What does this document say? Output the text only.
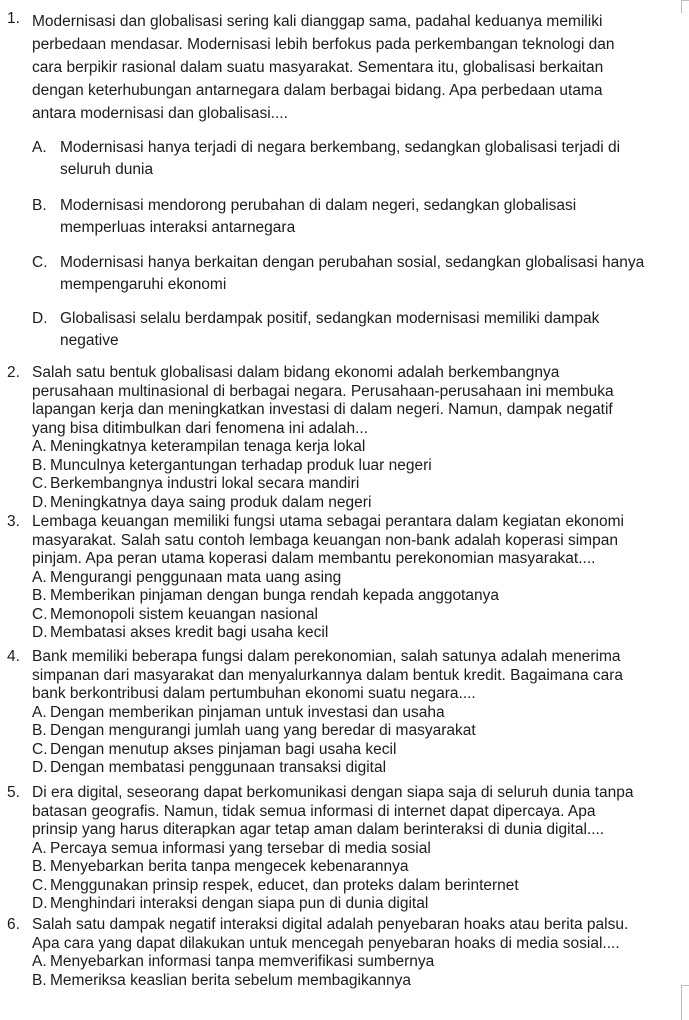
1. Modernisasi dan globalisasi sering kali dianggap sama, padahal keduanya memiliki
perbedaan mendasar. Modernisasi lebih berfokus pada perkembangan teknologi dan
cara berpikir rasional dalam suatu masyarakat. Sementara itu, globalisasi berkaitan
dengan keterhubungan antarnegara dalam berbagai bidang. Apa perbedaan utama
antara modernisasi dan globalisasi....
A. Modernisasi hanya terjadi di negara berkembang, sedangkan globalisasi terjadi di
seluruh dunia
B. Modernisasi mendorong perubahan di dalam negeri, sedangkan globalisasi
memperluas interaksi antarnegara
C. Modernisasi hanya berkaitan dengan perubahan sosial, sedangkan globalisasi hanya
mempengaruhi ekonomi
D. Globalisasi selalu berdampak positif, sedangkan modernisasi memiliki dampak
negative
2. Salah satu bentuk globalisasi dalam bidang ekonomi adalah berkembangnya
perusahaan multinasional di berbagai negara. Perusahaan-perusahaan ini membuka
lapangan kerja dan meningkatkan investasi di dalam negeri. Namun, dampak negatif
yang bisa ditimbulkan dari fenomena ini adalah...
A. Meningkatnya keterampilan tenaga kerja lokal
B. Munculnya ketergantungan terhadap produk luar negeri
C. Berkembangnya industri lokal secara mandiri
D. Meningkatnya daya saing produk dalam negeri
3. Lembaga keuangan memiliki fungsi utama sebagai perantara dalam kegiatan ekonomi
masyarakat. Salah satu contoh lembaga keuangan non-bank adalah koperasi simpan
pinjam. Apa peran utama koperasi dalam membantu perekonomian masyarakat....
A. Mengurangi penggunaan mata uang asing
B. Memberikan pinjaman dengan bunga rendah kepada anggotanya
C. Memonopoli sistem keuangan nasional
D. Membatasi akses kredit bagi usaha kecil
4. Bank memiliki beberapa fungsi dalam perekonomian, salah satunya adalah menerima
simpanan dari masyarakat dan menyalurkannya dalam bentuk kredit. Bagaimana cara
bank berkontribusi dalam pertumbuhan ekonomi suatu negara....
A. Dengan memberikan pinjaman untuk investasi dan usaha
B. Dengan mengurangi jumlah uang yang beredar di masyarakat
C. Dengan menutup akses pinjaman bagi usaha kecil
D. Dengan membatasi penggunaan transaksi digital
5. Di era digital, seseorang dapat berkomunikasi dengan siapa saja di seluruh dunia tanpa
batasan geografis. Namun, tidak semua informasi di internet dapat dipercaya. Apa
prinsip yang harus diterapkan agar tetap aman dalam berinteraksi di dunia digital....
A. Percaya semua informasi yang tersebar di media sosial
B. Menyebarkan berita tanpa mengecek kebenarannya
C. Menggunakan prinsip respek, educet, dan proteks dalam berinternet
D. Menghindari interaksi dengan siapa pun di dunia digital
6. Salah satu dampak negatif interaksi digital adalah penyebaran hoaks atau berita palsu.
Apa cara yang dapat dilakukan untuk mencegah penyebaran hoaks di media sosial....
A. Menyebarkan informasi tanpa memverifikasi sumbernya
B. Memeriksa keaslian berita sebelum membagikannya
